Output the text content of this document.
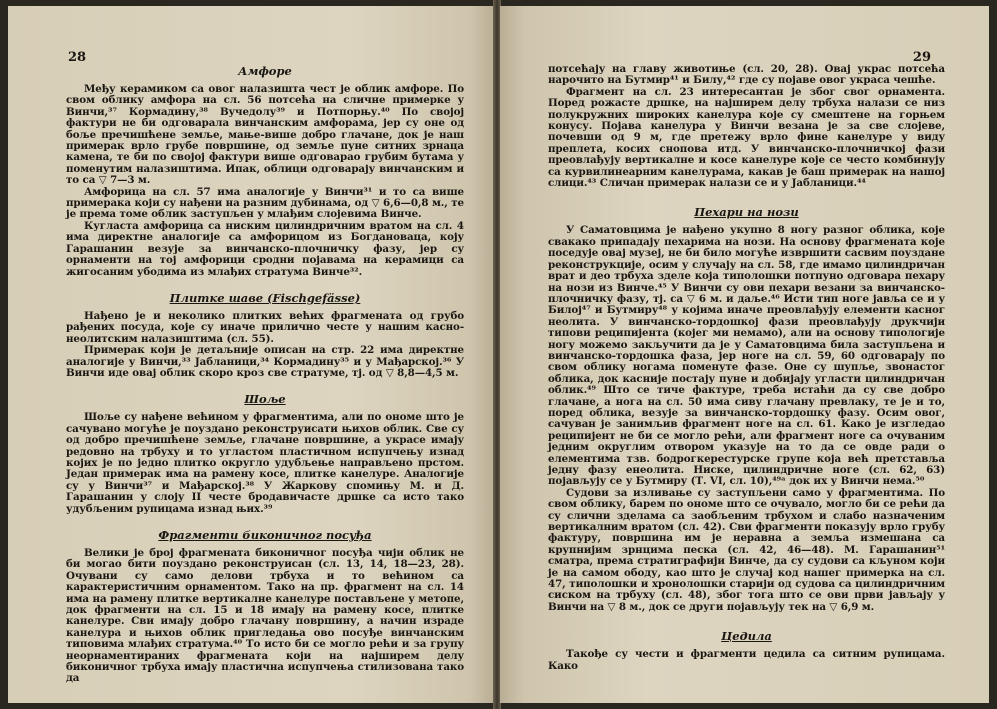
28
Амфоре

Међу керамиком са овог налазишта чест је облик амфоре. По свом облику амфора на сл. 56 потсећа на сличне примерке у Винчи,³⁷ Кормадину,³⁸ Вучедолу³⁹ и Потпорњу.⁴⁰ По својој фактури не би одговарала винчанским амфорама, јер су оне од боље пречишћене земље, мање-више добро глачане, док је наш примерак врло грубе површине, од земље пуне ситних зрнаца камена, те би по својој фактури више одговарао грубим бутама у поменутим налазиштима. Ипак, облици одговарају винчанским и то са ▽ 7—3 м.

Амфорица на сл. 57 има аналогије у Винчи³¹ и то са више примерака који су нађени на разним дубинама, од ▽ 6,6—0,8 м., те је према томе облик заступљен у млађим слојевима Винче.

Кугласта амфорица са ниским цилиндричним вратом на сл. 4 има директне аналогије са амфорицом из Богдановаца, коју Гарашанин везује за винчанско-плочничку фазу, јер су орнаменти на тој амфорици сродни појавама на керамици са жигосаним убодима из млађих стратума Винче³².

Плитке шаве (Fischgefässe)

Нађено је и неколико плитких већих фрагмената од грубо рађених посуда, које су иначе прилично честе у нашим касно-неолитским налазиштима (сл. 55).

Примерак који је детаљније описан на стр. 22 има директне аналогије у Винчи,³³ Јабланици,³⁴ Кормадину³⁵ и у Мађарској.³⁶ У Винчи иде овај облик скоро кроз све стратуме, тј. од ▽ 8,8—4,5 м.

Шоље

Шоље су нађене већином у фрагментима, али по ономе што је сачувано могуће је поуздано реконструисати њихов облик. Све су од добро пречишћене земље, глачане површине, а украсе имају редовно на трбуху и то угластом пластичном испупчењу изнад којих је по једно плитко округло удубљење направљено прстом. Један примерак има на рамену косе, плитке канелуре. Аналогије су у Винчи³⁷ и Мађарској.³⁸ У Жаркову спомињу М. и Д. Гарашанин у слоју II честе бродавичасте дршке са исто тако удубљеним рупицама изнад њих.³⁹

Фрагменти биконичног посуђа

Велики је број фрагмената биконичног посуђа чији облик не би могао бити поуздано реконструисан (сл. 13, 14, 18—23, 28). Очувани су само делови трбуха и то већином са карактеристичним орнаментом. Тако на пр. фрагмент на сл. 14 има на рамену плитке вертикалне канелуре постављене у метопе, док фрагменти на сл. 15 и 18 имају на рамену косе, плитке канелуре. Сви имају добро глачану површину, а начин израде канелура и њихов облик пригледања ово посуђе винчанским типовима млађих стратума.⁴⁰ То исто би се могло рећи и за групу неорнаментираних фрагмената који на најширем делу биконичног трбуха имају пластична испупчења стилизована тако да

29

потсећају на главу животиње (сл. 20, 28). Овај украс потсећа нарочито на Бутмир⁴¹ и Билу,⁴² где су појаве овог украса чешће.

Фрагмент на сл. 23 интересантан је због свог орнамента. Поред рожасте дршке, на најширем делу трбуха налази се низ полукружних широких канелура које су смештене на горњем конусу. Појава канелура у Винчи везана је за све слојеве, почевши од 9 м, где претежу врло фине канелуре у виду преплета, косих снопова итд. У винчанско-плочничкој фази преовлађују вертикалне и косе канелуре које се често комбинују са курвилинеарним канелурама, какав је баш примерак на нашој слици.⁴³ Сличан примерак налази се и у Јабланици.⁴⁴

Пехари на нози

У Саматовцима је нађено укупно 8 ногу разног облика, које свакако припадају пехарима на нози. На основу фрагмената које поседује овај музеј, не би било могуће извршити сасвим поуздане реконструкције, осим у случају на сл. 58, где имамо цилиндричан врат и део трбуха зделе која типолошки потпуно одговара пехару на нози из Винче.⁴⁵ У Винчи су ови пехари везани за винчанско-плочничку фазу, тј. са ▽ 6 м. и даље.⁴⁶ Исти тип ноге јавља се и у Билој⁴⁷ и Бутмиру⁴⁸ у којима иначе преовлађују елементи касног неолита. У винчанско-тордошкој фази преовлађују друкчији типови реципијента (којег ми немамо), али на основу типологије ногу можемо закључити да је у Саматовцима била заступљена и винчанско-тордошка фаза, јер ноге на сл. 59, 60 одговарају по свом облику ногама поменуте фазе. Оне су шупље, звонастог облика, док касније постају пуне и добијају угласти цилиндричан облик.⁴⁹ Што се тиче фактуре, треба истаћи да су све добро глачане, а нога на сл. 50 има сиву глачану превлаку, те је и то, поред облика, везује за винчанско-тордошку фазу. Осим овог, сачуван је занимљив фрагмент ноге на сл. 61. Како је изгледао реципијент не би се могло рећи, али фрагмент ноге са очуваним једним округлим отвором указује на то да се овде ради о елементима тзв. бодрогкерестурске групе која већ претставља једну фазу енеолита. Ниске, цилиндричне ноге (сл. 62, 63) појављују се у Бутмиру (Т. VI, сл. 10),⁴⁹ᵃ док их у Винчи нема.⁵⁰

Судови за изливање су заступљени само у фрагментима. По свом облику, барем по ономе што се очувало, могло би се рећи да су слични зделама са заобљеним трбухом и слабо назначеним вертикалним вратом (сл. 42). Сви фрагменти показују врло грубу фактуру, површина им је неравна а земља измешана са крупнијим зрнцима песка (сл. 42, 46—48). М. Гарашанин⁵¹ сматра, према стратиграфији Винче, да су судови са кљуном који је на самом ободу, као што је случај код нашег примерка на сл. 47, типолошки и хронолошки старији од судова са цилиндричним сиском на трбуху (сл. 48), због тога што се ови први јављају у Винчи на ▽ 8 м., док се други појављују тек на ▽ 6,9 м.

Цедила

Такође су чести и фрагменти цедила са ситним рупицама. Како
